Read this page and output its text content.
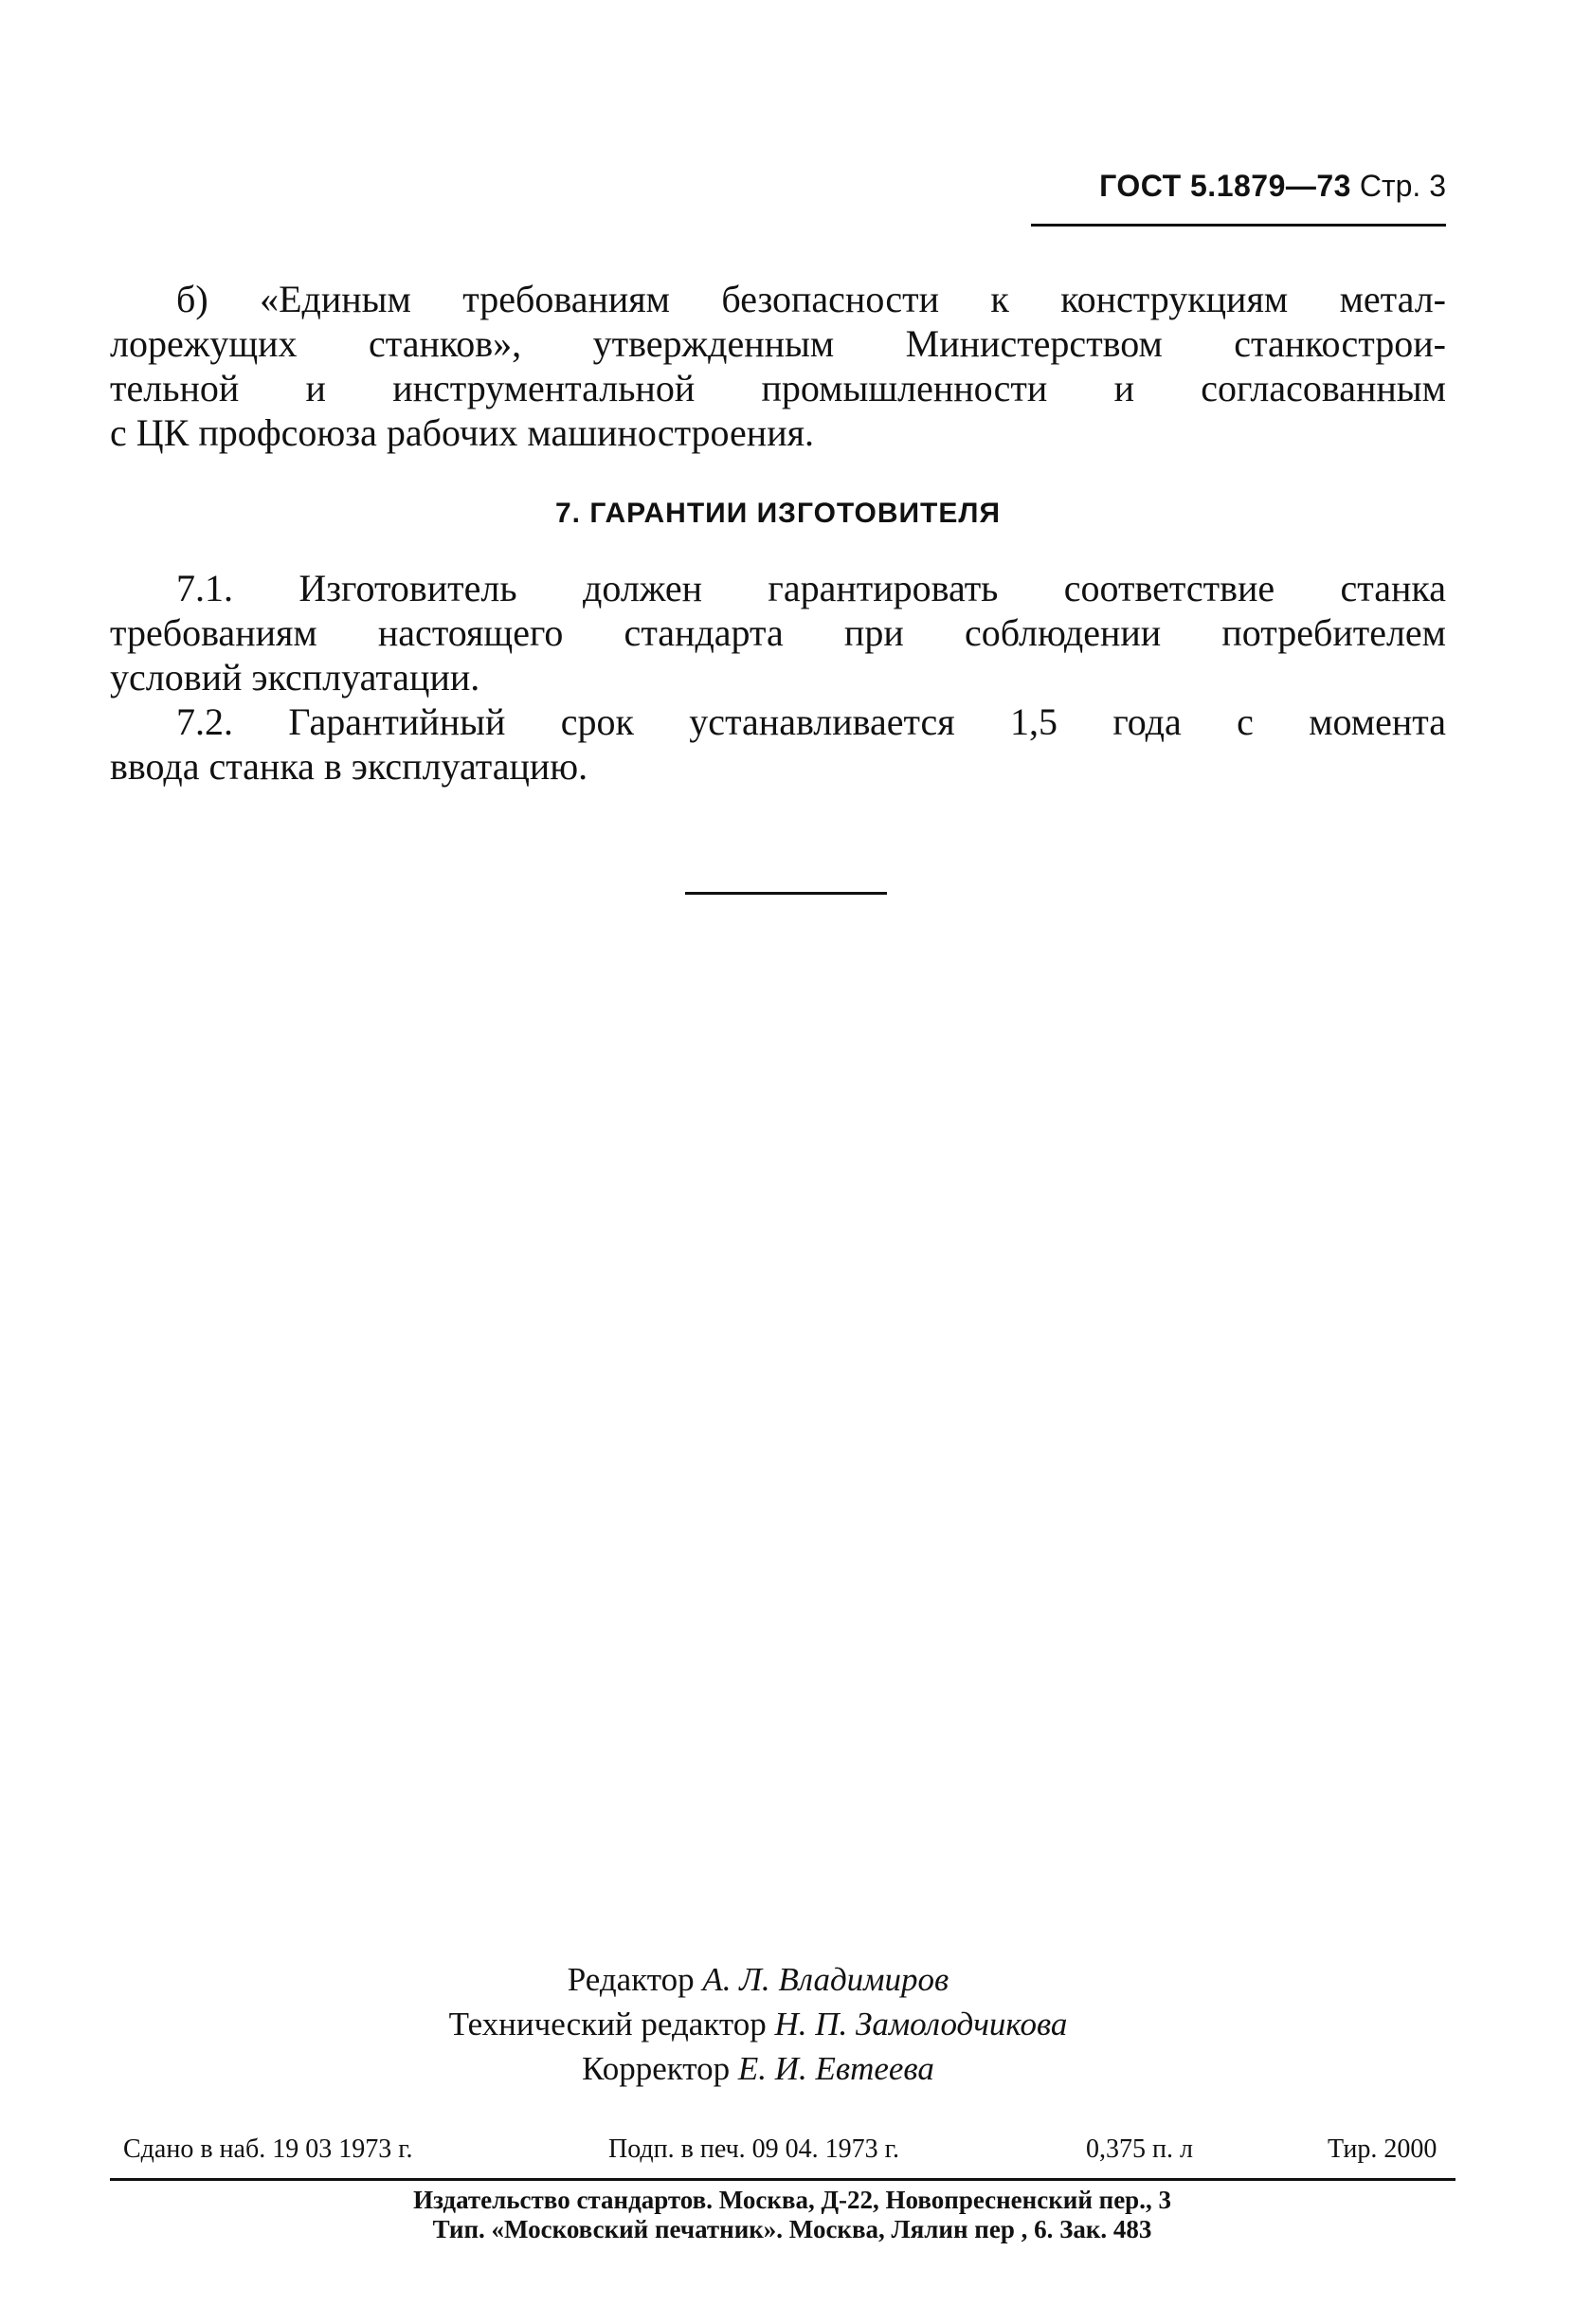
ГОСТ 5.1879—73 Стр. 3
б) «Единым требованиям безопасности к конструкциям метал-
лорежущих станков», утвержденным Министерством станкострои-
тельной и инструментальной промышленности и согласованным
с ЦК профсоюза рабочих машиностроения.
7. ГАРАНТИИ ИЗГОТОВИТЕЛЯ
7.1. Изготовитель должен гарантировать соответствие станка
требованиям настоящего стандарта при соблюдении потребителем
условий эксплуатации.
7.2. Гарантийный срок устанавливается 1,5 года с момента
ввода станка в эксплуатацию.
Редактор А. Л. Владимиров
Технический редактор Н. П. Замолодчикова
Корректор Е. И. Евтеева
Сдано в наб. 19 03 1973 г.	Подп. в печ. 09 04. 1973 г.	0,375 п. л	Тир. 2000
Издательство стандартов. Москва, Д-22, Новопресненский пер., 3
Тип. «Московский печатник». Москва, Лялин пер , 6. Зак. 483
